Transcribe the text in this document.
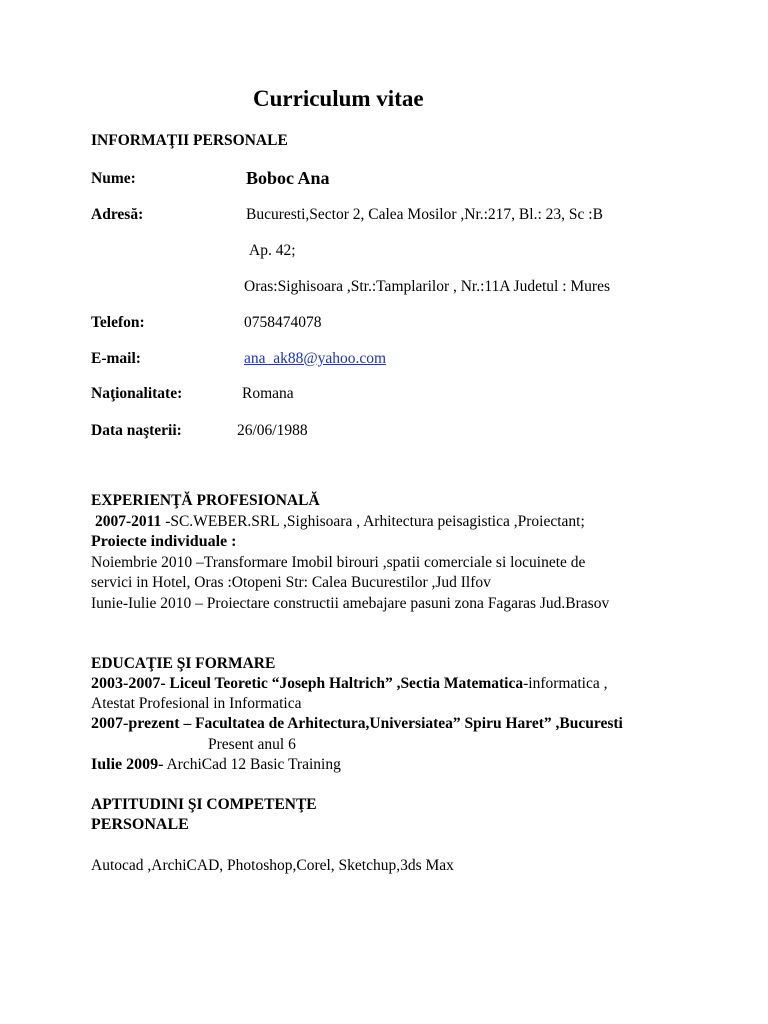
Curriculum vitae
INFORMAŢII PERSONALE
Nume:	Boboc Ana
Adresă:	Bucuresti,Sector 2, Calea Mosilor ,Nr.:217, Bl.: 23, Sc :B
Ap. 42;
Oras:Sighisoara ,Str.:Tamplarilor , Nr.:11A Judetul : Mures
Telefon:	0758474078
E-mail:	ana_ak88@yahoo.com
Naţionalitate:	Romana
Data naşterii:	26/06/1988
EXPERIENŢĂ PROFESIONALĂ
2007-2011 -SC.WEBER.SRL ,Sighisoara , Arhitectura peisagistica ,Proiectant;
Proiecte individuale :
Noiembrie 2010 –Transformare Imobil birouri ,spatii comerciale si locuinete de
servici in Hotel, Oras :Otopeni Str: Calea Bucurestilor ,Jud Ilfov
Iunie-Iulie 2010 – Proiectare constructii amebajare pasuni zona Fagaras Jud.Brasov
EDUCAŢIE ŞI FORMARE
2003-2007- Liceul Teoretic “Joseph Haltrich” ,Sectia Matematica-informatica ,
Atestat Profesional in Informatica
2007-prezent – Facultatea de Arhitectura,Universiatea” Spiru Haret” ,Bucuresti
Present anul 6
Iulie 2009- ArchiCad 12 Basic Training
APTITUDINI ŞI COMPETENŢE
PERSONALE
Autocad ,ArchiCAD, Photoshop,Corel, Sketchup,3ds Max
